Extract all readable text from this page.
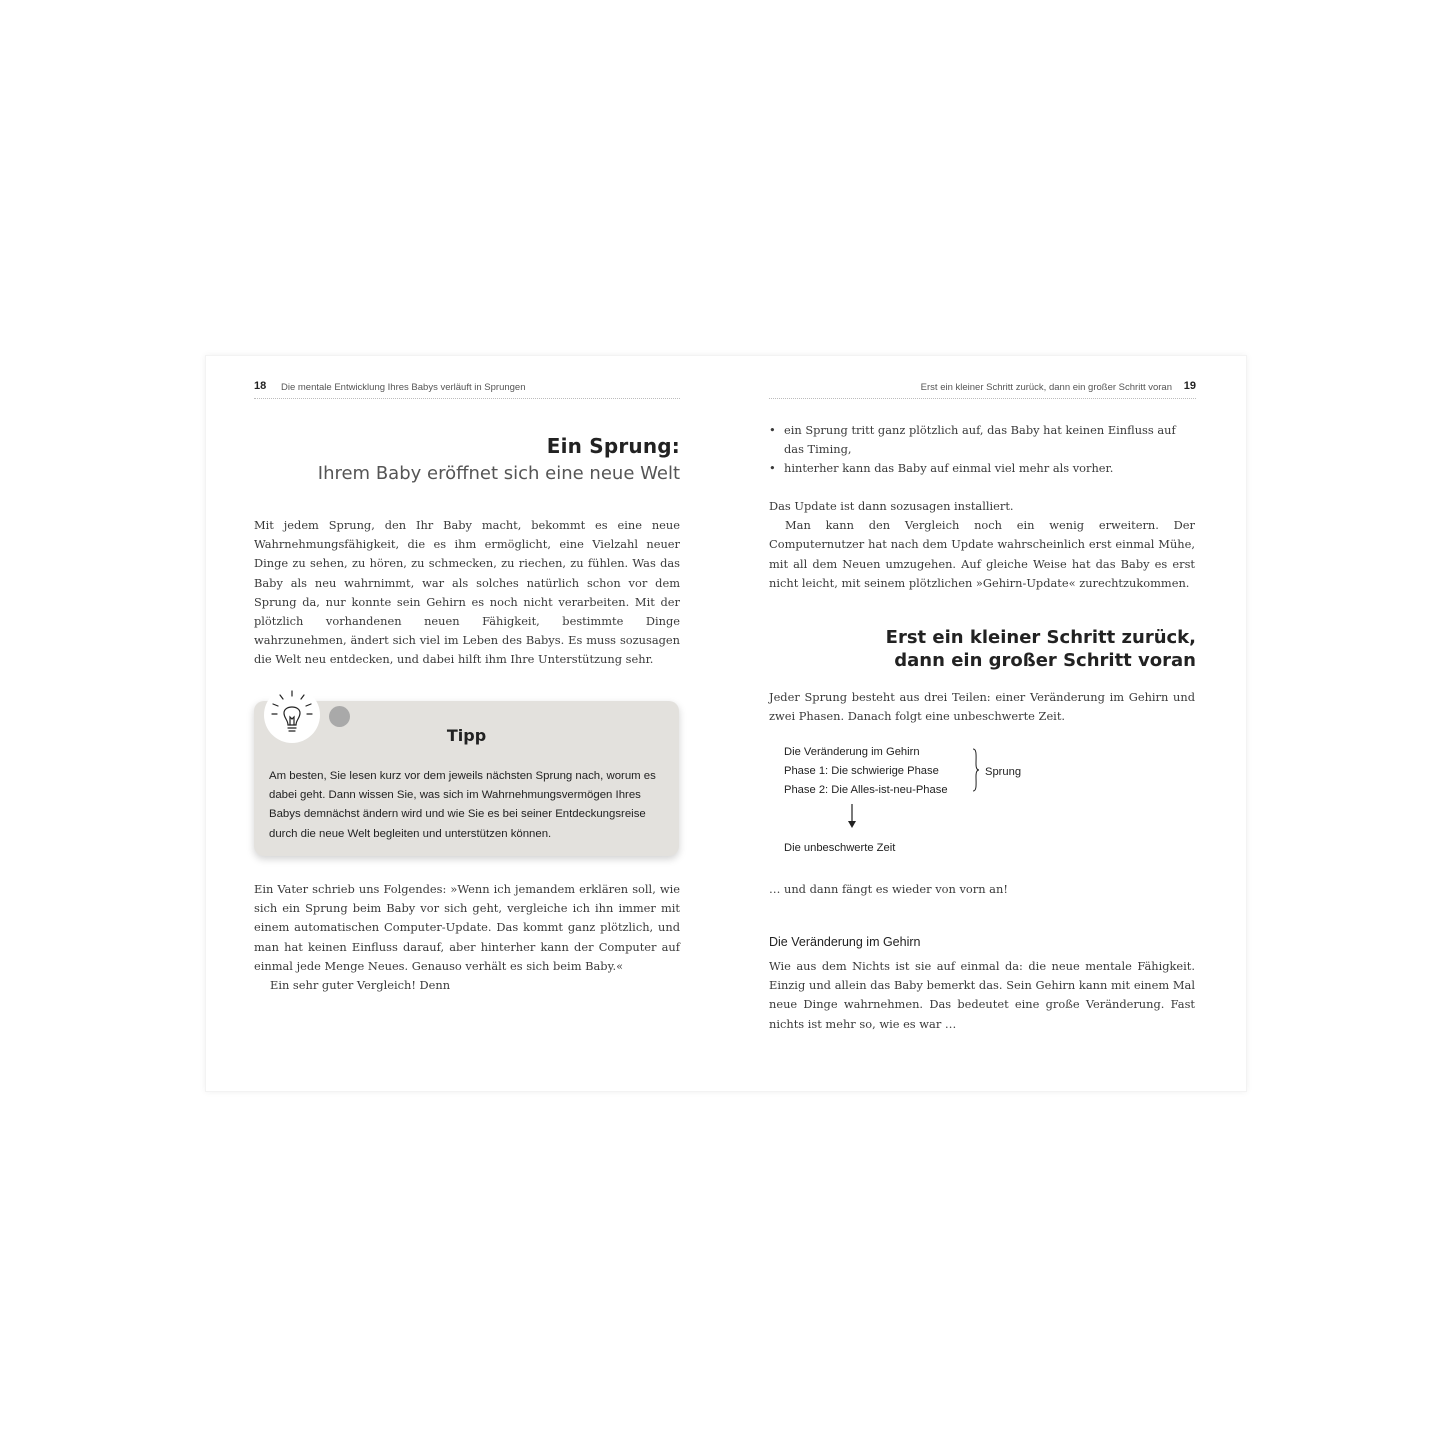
18 Die mentale Entwicklung Ihres Babys verläuft in Sprungen
Ein Sprung:
Ihrem Baby eröffnet sich eine neue Welt

Mit jedem Sprung, den Ihr Baby macht, bekommt es eine neue Wahrnehmungsfähigkeit, die es ihm ermöglicht, eine Vielzahl neuer Dinge zu sehen, zu hören, zu schmecken, zu riechen, zu fühlen. Was das Baby als neu wahrnimmt, war als solches natürlich schon vor dem Sprung da, nur konnte sein Gehirn es noch nicht verarbeiten. Mit der plötzlich vorhandenen neuen Fähigkeit, bestimmte Dinge wahrzunehmen, ändert sich viel im Leben des Babys. Es muss sozusagen die Welt neu entdecken, und dabei hilft ihm Ihre Unterstützung sehr.

Tipp
Am besten, Sie lesen kurz vor dem jeweils nächsten Sprung nach, worum es dabei geht. Dann wissen Sie, was sich im Wahrnehmungsvermögen Ihres Babys demnächst ändern wird und wie Sie es bei seiner Entdeckungsreise durch die neue Welt begleiten und unterstützen können.

Ein Vater schrieb uns Folgendes: »Wenn ich jemandem erklären soll, wie sich ein Sprung beim Baby vor sich geht, vergleiche ich ihn immer mit einem automatischen Computer-Update. Das kommt ganz plötzlich, und man hat keinen Einfluss darauf, aber hinterher kann der Computer auf einmal jede Menge Neues. Genauso verhält es sich beim Baby.«

Ein sehr guter Vergleich! Denn

Erst ein kleiner Schritt zurück, dann ein großer Schritt voran 19
• ein Sprung tritt ganz plötzlich auf, das Baby hat keinen Einfluss auf das Timing,
• hinterher kann das Baby auf einmal viel mehr als vorher.

Das Update ist dann sozusagen installiert.

Man kann den Vergleich noch ein wenig erweitern. Der Computernutzer hat nach dem Update wahrscheinlich erst einmal Mühe, mit all dem Neuen umzugehen. Auf gleiche Weise hat das Baby es erst nicht leicht, mit seinem plötzlichen »Gehirn-Update« zurechtzukommen.

Erst ein kleiner Schritt zurück,
dann ein großer Schritt voran

Jeder Sprung besteht aus drei Teilen: einer Veränderung im Gehirn und zwei Phasen. Danach folgt eine unbeschwerte Zeit.

Die Veränderung im Gehirn
Phase 1: Die schwierige Phase
Phase 2: Die Alles-ist-neu-Phase
Sprung
Die unbeschwerte Zeit

… und dann fängt es wieder von vorn an!

Die Veränderung im Gehirn

Wie aus dem Nichts ist sie auf einmal da: die neue mentale Fähigkeit. Einzig und allein das Baby bemerkt das. Sein Gehirn kann mit einem Mal neue Dinge wahrnehmen. Das bedeutet eine große Veränderung. Fast nichts ist mehr so, wie es war …
